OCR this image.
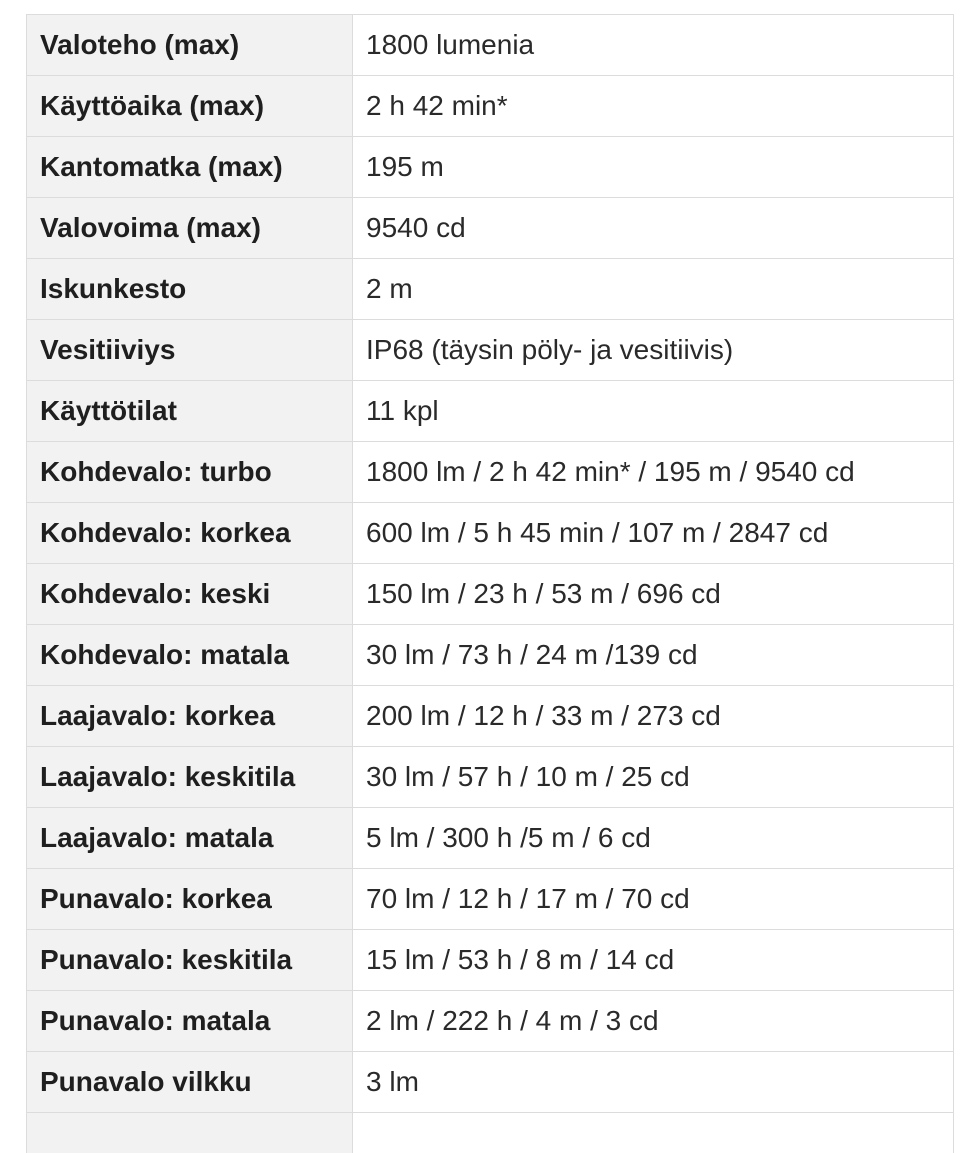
Valoteho (max)	1800 lumenia
Käyttöaika (max)	2 h 42 min*
Kantomatka (max)	195 m
Valovoima (max)	9540 cd
Iskunkesto	2 m
Vesitiiviys	IP68 (täysin pöly- ja vesitiivis)
Käyttötilat	11 kpl
Kohdevalo: turbo	1800 lm / 2 h 42 min* / 195 m / 9540 cd
Kohdevalo: korkea	600 lm / 5 h 45 min / 107 m / 2847 cd
Kohdevalo: keski	150 lm / 23 h / 53 m / 696 cd
Kohdevalo: matala	30 lm / 73 h / 24 m /139 cd
Laajavalo: korkea	200 lm / 12 h / 33 m / 273 cd
Laajavalo: keskitila	30 lm / 57 h / 10 m / 25 cd
Laajavalo: matala	5 lm / 300 h /5 m / 6 cd
Punavalo: korkea	70 lm / 12 h / 17 m / 70 cd
Punavalo: keskitila	15 lm / 53 h / 8 m / 14 cd
Punavalo: matala	2 lm / 222 h / 4 m / 3 cd
Punavalo vilkku	3 lm
